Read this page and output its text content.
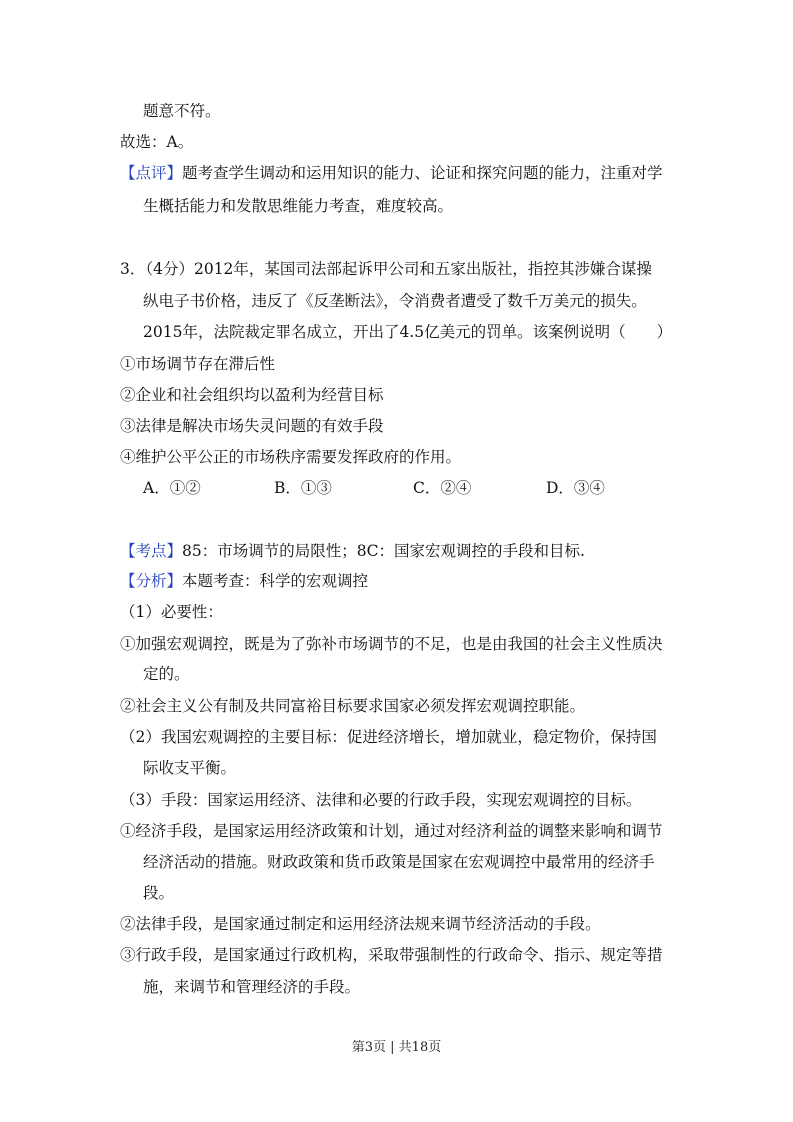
题意不符。
故选：A。
【点评】题考查学生调动和运用知识的能力、论证和探究问题的能力，注重对学
生概括能力和发散思维能力考查，难度较高。
3．（4分）2012年，某国司法部起诉甲公司和五家出版社，指控其涉嫌合谋操
纵电子书价格，违反了《反垄断法》，令消费者遭受了数千万美元的损失。
2015年，法院裁定罪名成立，开出了4.5亿美元的罚单。该案例说明（　　）
①市场调节存在滞后性
②企业和社会组织均以盈利为经营目标
③法律是解决市场失灵问题的有效手段
④维护公平公正的市场秩序需要发挥政府的作用。
A．①②	B．①③	C．②④	D．③④
【考点】85：市场调节的局限性；8C：国家宏观调控的手段和目标.
【分析】本题考查：科学的宏观调控
（1）必要性：
①加强宏观调控，既是为了弥补市场调节的不足，也是由我国的社会主义性质决
定的。
②社会主义公有制及共同富裕目标要求国家必须发挥宏观调控职能。
（2）我国宏观调控的主要目标：促进经济增长，增加就业，稳定物价，保持国
际收支平衡。
（3）手段：国家运用经济、法律和必要的行政手段，实现宏观调控的目标。
①经济手段，是国家运用经济政策和计划，通过对经济利益的调整来影响和调节
经济活动的措施。财政政策和货币政策是国家在宏观调控中最常用的经济手
段。
②法律手段，是国家通过制定和运用经济法规来调节经济活动的手段。
③行政手段，是国家通过行政机构，采取带强制性的行政命令、指示、规定等措
施，来调节和管理经济的手段。
第3页 | 共18页
